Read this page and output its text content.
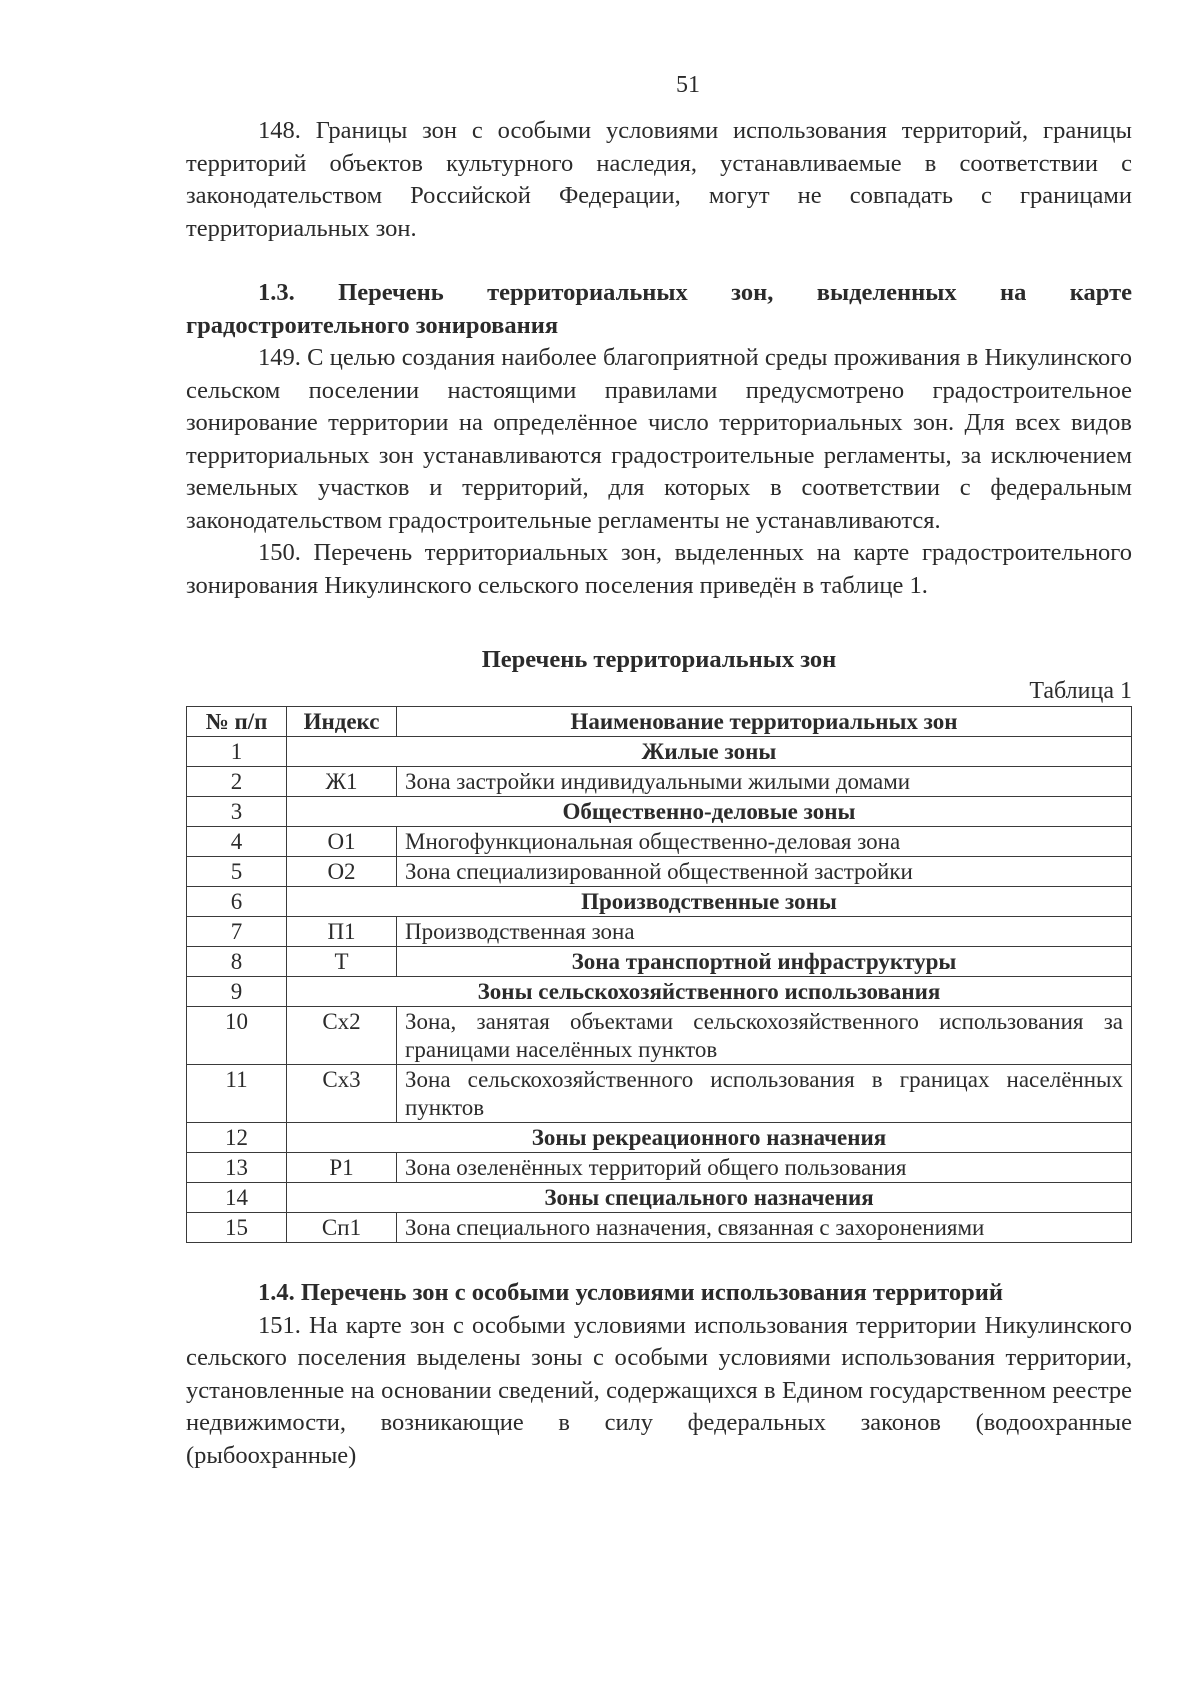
51

148. Границы зон с особыми условиями использования территорий, границы территорий объектов культурного наследия, устанавливаемые в соответствии с законодательством Российской Федерации, могут не совпадать с границами территориальных зон.

1.3. Перечень территориальных зон, выделенных на карте градостроительного зонирования

149. С целью создания наиболее благоприятной среды проживания в Никулинского сельском поселении настоящими правилами предусмотрено градостроительное зонирование территории на определённое число территориальных зон. Для всех видов территориальных зон устанавливаются градостроительные регламенты, за исключением земельных участков и территорий, для которых в соответствии с федеральным законодательством градостроительные регламенты не устанавливаются.

150. Перечень территориальных зон, выделенных на карте градостроительного зонирования Никулинского сельского поселения приведён в таблице 1.

Перечень территориальных зон
Таблица 1
№ п/п	Индекс	Наименование территориальных зон
1	Жилые зоны	
2	Ж1	Зона застройки индивидуальными жилыми домами
3	Общественно-деловые зоны	
4	О1	Многофункциональная общественно-деловая зона
5	О2	Зона специализированной общественной застройки
6	Производственные зоны	
7	П1	Производственная зона
8	Т	Зона транспортной инфраструктуры
9	Зоны сельскохозяйственного использования	
10	Сх2	Зона, занятая объектами сельскохозяйственного использования за границами населённых пунктов
11	Сх3	Зона сельскохозяйственного использования в границах населённых пунктов
12	Зоны рекреационного назначения	
13	Р1	Зона озеленённых территорий общего пользования
14	Зоны специального назначения	
15	Сп1	Зона специального назначения, связанная с захоронениями
1.4. Перечень зон с особыми условиями использования территорий

151. На карте зон с особыми условиями использования территории Никулинского сельского поселения выделены зоны с особыми условиями использования территории, установленные на основании сведений, содержащихся в Едином государственном реестре недвижимости, возникающие в силу федеральных законов (водоохранные (рыбоохранные)
